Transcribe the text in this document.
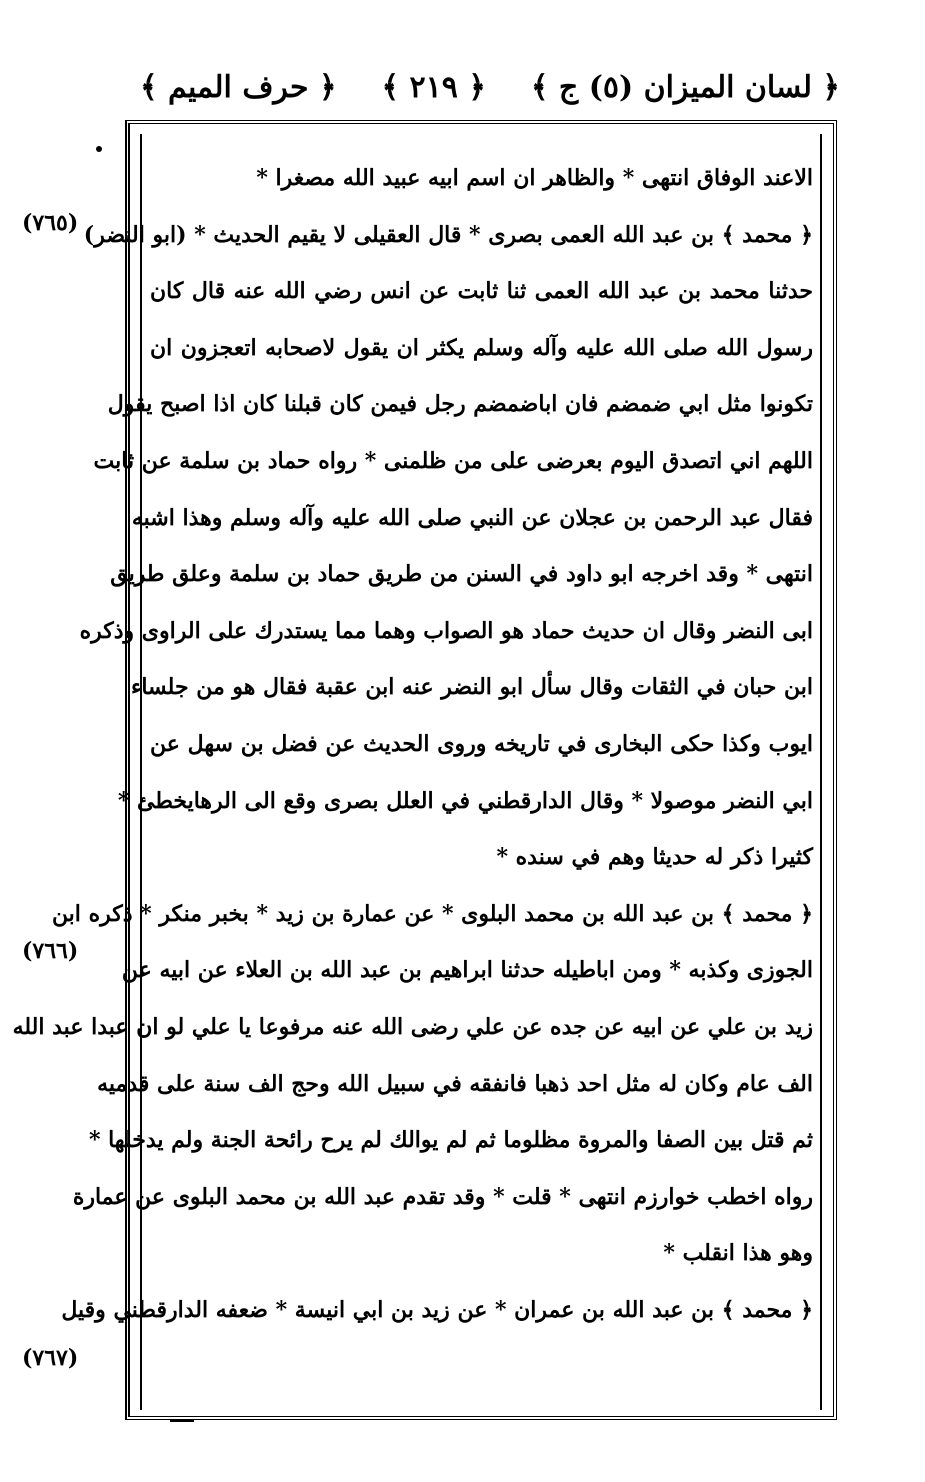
﴿ حرف الميم ﴾ ﴿ ٢١٩ ﴾ ﴿ لسان الميزان (٥) ج ﴾
(٧٦٥)
(٧٦٦)
(٧٦٧)
الاعند الوفاق انتهى * والظاهر ان اسم ابيه عبيد الله مصغرا *
﴿ محمد ﴾ بن عبد الله العمى بصرى * قال العقيلى لا يقيم الحديث * (ابو النضر)
حدثنا محمد بن عبد الله العمى ثنا ثابت عن انس رضي الله عنه قال كان
رسول الله صلى الله عليه وآله وسلم يكثر ان يقول لاصحابه اتعجزون ان
تكونوا مثل ابي ضمضم فان اباضمضم رجل فيمن كان قبلنا كان اذا اصبح يقول
اللهم اني اتصدق اليوم بعرضى على من ظلمنى * رواه حماد بن سلمة عن ثابت
فقال عبد الرحمن بن عجلان عن النبي صلى الله عليه وآله وسلم وهذا اشبه
انتهى * وقد اخرجه ابو داود في السنن من طريق حماد بن سلمة وعلق طريق
ابى النضر وقال ان حديث حماد هو الصواب وهما مما يستدرك على الراوى وذكره
ابن حبان في الثقات وقال سأل ابو النضر عنه ابن عقبة فقال هو من جلساء
ايوب وكذا حكى البخارى في تاريخه وروى الحديث عن فضل بن سهل عن
ابي النضر موصولا * وقال الدارقطني في العلل بصرى وقع الى الرهايخطئ *
كثيرا ذكر له حديثا وهم في سنده *
﴿ محمد ﴾ بن عبد الله بن محمد البلوى * عن عمارة بن زيد * بخبر منكر * ذكره ابن
الجوزى وكذبه * ومن اباطيله حدثنا ابراهيم بن عبد الله بن العلاء عن ابيه عن
زيد بن علي عن ابيه عن جده عن علي رضى الله عنه مرفوعا يا علي لو ان عبدا عبد الله
الف عام وكان له مثل احد ذهبا فانفقه في سبيل الله وحج الف سنة على قدميه
ثم قتل بين الصفا والمروة مظلوما ثم لم يوالك لم يرح رائحة الجنة ولم يدخلها *
رواه اخطب خوارزم انتهى * قلت * وقد تقدم عبد الله بن محمد البلوى عن عمارة
وهو هذا انقلب *
﴿ محمد ﴾ بن عبد الله بن عمران * عن زيد بن ابي انيسة * ضعفه الدارقطني وقيل
